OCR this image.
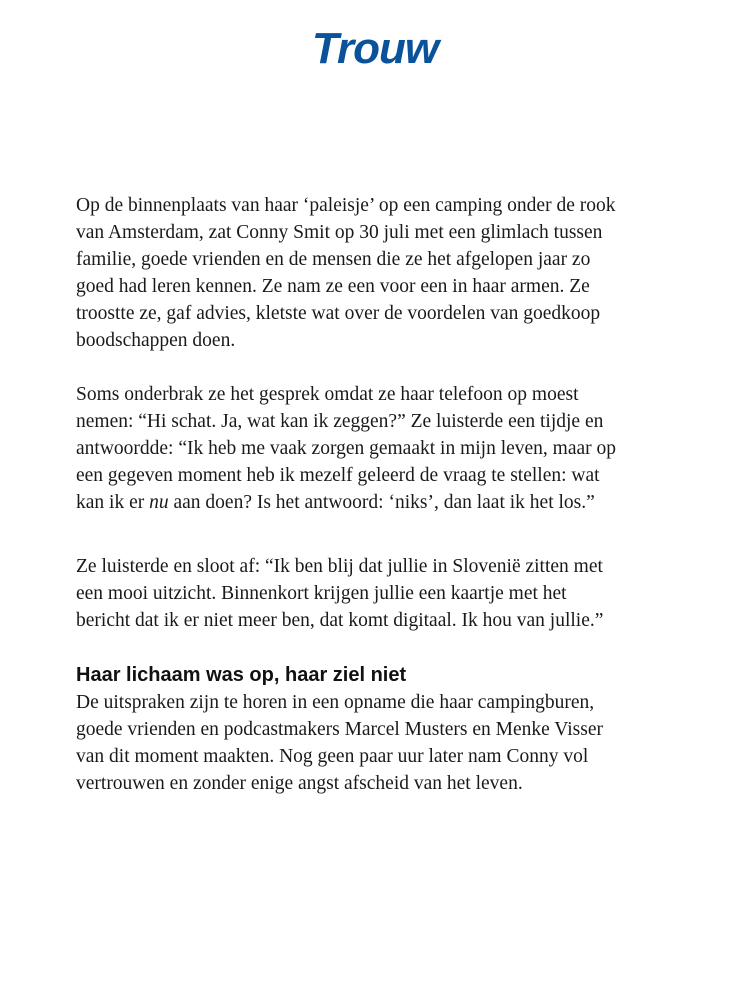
Trouw

Op de binnenplaats van haar ‘paleisje’ op een camping onder de rook
van Amsterdam, zat Conny Smit op 30 juli met een glimlach tussen
familie, goede vrienden en de mensen die ze het afgelopen jaar zo
goed had leren kennen. Ze nam ze een voor een in haar armen. Ze
troostte ze, gaf advies, kletste wat over de voordelen van goedkoop
boodschappen doen.

Soms onderbrak ze het gesprek omdat ze haar telefoon op moest
nemen: “Hi schat. Ja, wat kan ik zeggen?” Ze luisterde een tijdje en
antwoordde: “Ik heb me vaak zorgen gemaakt in mijn leven, maar op
een gegeven moment heb ik mezelf geleerd de vraag te stellen: wat
kan ik er nu aan doen? Is het antwoord: ‘niks’, dan laat ik het los.”

Ze luisterde en sloot af: “Ik ben blij dat jullie in Slovenië zitten met
een mooi uitzicht. Binnenkort krijgen jullie een kaartje met het
bericht dat ik er niet meer ben, dat komt digitaal. Ik hou van jullie.”

Haar lichaam was op, haar ziel niet

De uitspraken zijn te horen in een opname die haar campingburen,
goede vrienden en podcastmakers Marcel Musters en Menke Visser
van dit moment maakten. Nog geen paar uur later nam Conny vol
vertrouwen en zonder enige angst afscheid van het leven.
